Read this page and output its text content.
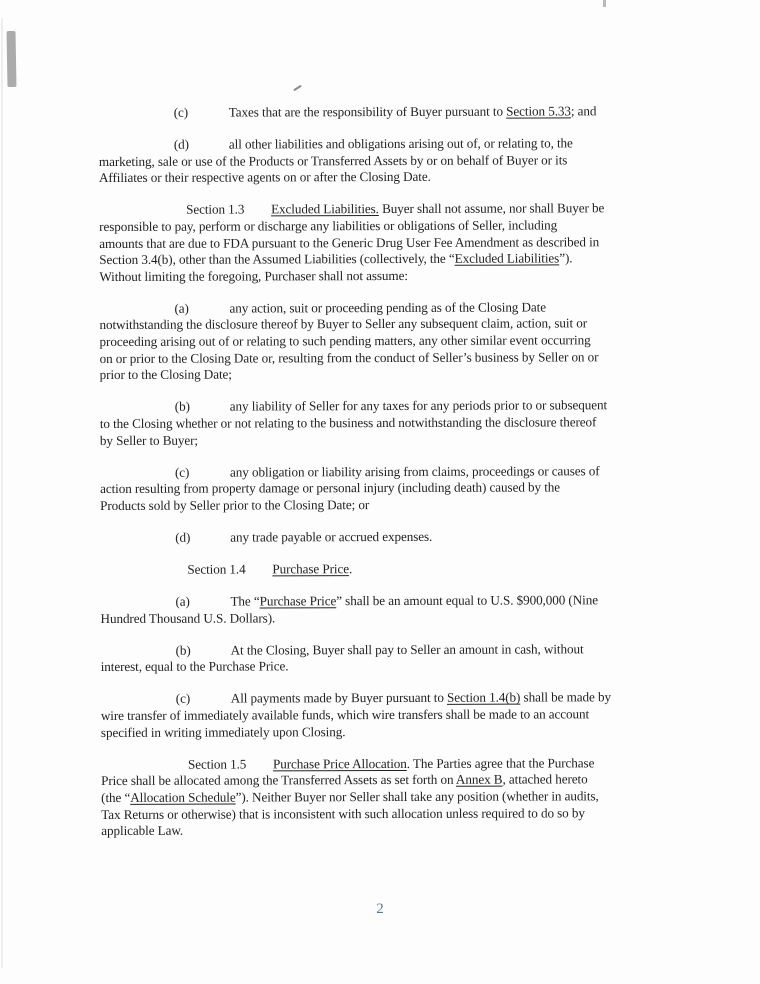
(c)	Taxes that are the responsibility of Buyer pursuant to Section 5.33; and
(d)	all other liabilities and obligations arising out of, or relating to, the
marketing, sale or use of the Products or Transferred Assets by or on behalf of Buyer or its
Affiliates or their respective agents on or after the Closing Date.
Section 1.3 Excluded Liabilities. Buyer shall not assume, nor shall Buyer be
responsible to pay, perform or discharge any liabilities or obligations of Seller, including
amounts that are due to FDA pursuant to the Generic Drug User Fee Amendment as described in
Section 3.4(b), other than the Assumed Liabilities (collectively, the “Excluded Liabilities”).
Without limiting the foregoing, Purchaser shall not assume:
(a)	any action, suit or proceeding pending as of the Closing Date
notwithstanding the disclosure thereof by Buyer to Seller any subsequent claim, action, suit or
proceeding arising out of or relating to such pending matters, any other similar event occurring
on or prior to the Closing Date or, resulting from the conduct of Seller’s business by Seller on or
prior to the Closing Date;
(b)	any liability of Seller for any taxes for any periods prior to or subsequent
to the Closing whether or not relating to the business and notwithstanding the disclosure thereof
by Seller to Buyer;
(c)	any obligation or liability arising from claims, proceedings or causes of
action resulting from property damage or personal injury (including death) caused by the
Products sold by Seller prior to the Closing Date; or
(d)	any trade payable or accrued expenses.
Section 1.4 Purchase Price.
(a)	The “Purchase Price” shall be an amount equal to U.S. $900,000 (Nine
Hundred Thousand U.S. Dollars).
(b)	At the Closing, Buyer shall pay to Seller an amount in cash, without
interest, equal to the Purchase Price.
(c)	All payments made by Buyer pursuant to Section 1.4(b) shall be made by
wire transfer of immediately available funds, which wire transfers shall be made to an account
specified in writing immediately upon Closing.
Section 1.5 Purchase Price Allocation. The Parties agree that the Purchase
Price shall be allocated among the Transferred Assets as set forth on Annex B, attached hereto
(the “Allocation Schedule”). Neither Buyer nor Seller shall take any position (whether in audits,
Tax Returns or otherwise) that is inconsistent with such allocation unless required to do so by
applicable Law.
2
